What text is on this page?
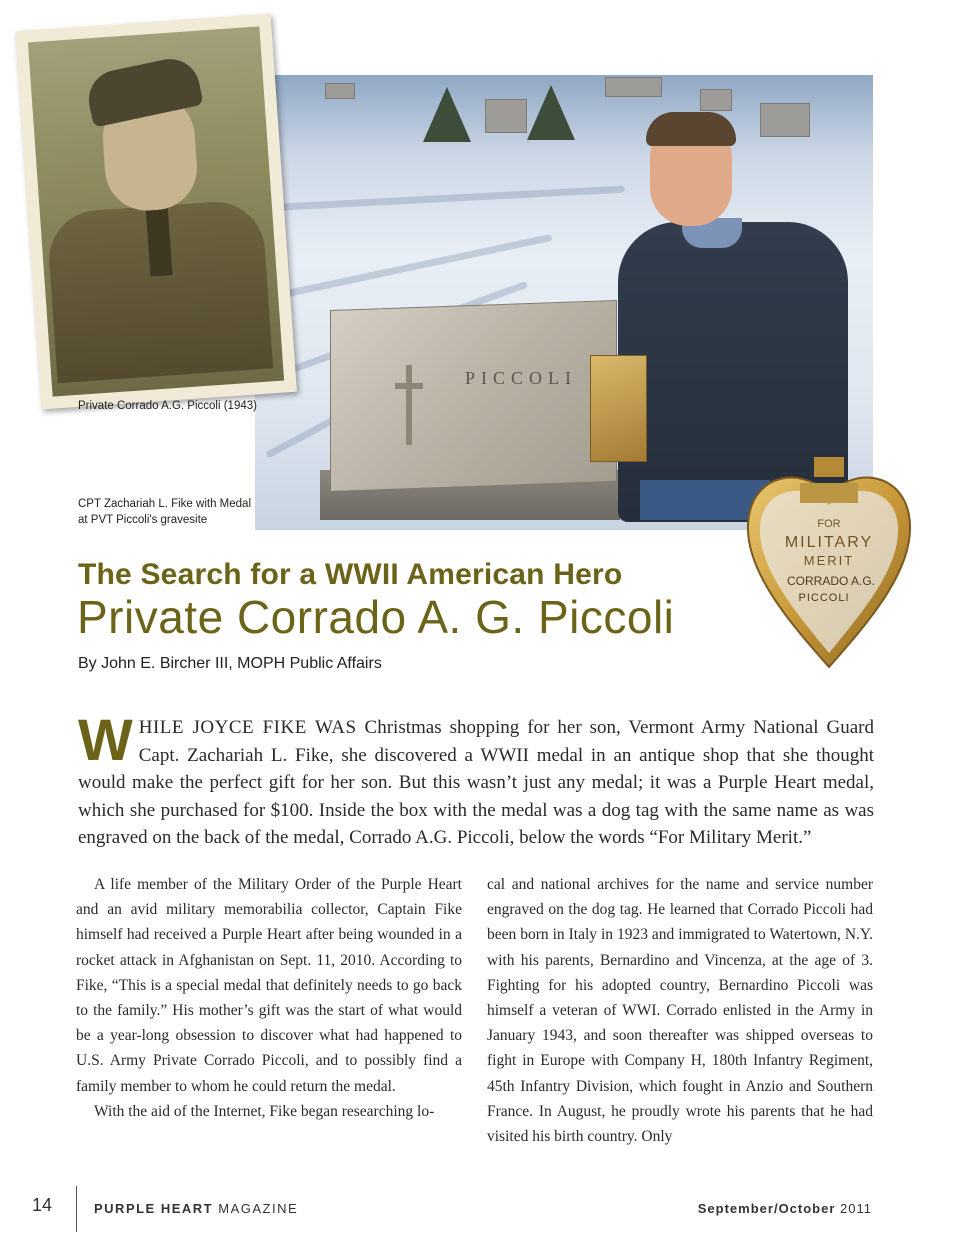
PICCOLI
Private Corrado A.G. Piccoli (1943)
CPT Zachariah L. Fike with Medal at PVT Piccoli's gravesite	FOR
MILITARY
MERIT
CORRADO A.G.
PICCOLI
The Search for a WWII American Hero
Private Corrado A. G. Piccoli
By John E. Bircher III, MOPH Public Affairs
WHILE JOYCE FIKE WAS Christmas shopping for her son, Vermont Army National Guard Capt. Zachariah L. Fike, she discovered a WWII medal in an antique shop that she thought would make the perfect gift for her son. But this wasn’t just any medal; it was a Purple Heart medal, which she purchased for $100. Inside the box with the medal was a dog tag with the same name as was engraved on the back of the medal, Corrado A.G. Piccoli, below the words “For Military Merit.”

A life member of the Military Order of the Purple Heart and an avid military memorabilia collector, Captain Fike himself had received a Purple Heart after being wounded in a rocket attack in Afghanistan on Sept. 11, 2010. According to Fike, “This is a special medal that definitely needs to go back to the family.” His mother’s gift was the start of what would be a year-long obsession to discover what had happened to U.S. Army Private Corrado Piccoli, and to possibly find a family member to whom he could return the medal.

With the aid of the Internet, Fike began researching lo-

cal and national archives for the name and service number engraved on the dog tag. He learned that Corrado Piccoli had been born in Italy in 1923 and immigrated to Watertown, N.Y. with his parents, Bernardino and Vincenza, at the age of 3. Fighting for his adopted country, Bernardino Piccoli was himself a veteran of WWI. Corrado enlisted in the Army in January 1943, and soon thereafter was shipped overseas to fight in Europe with Company H, 180th Infantry Regiment, 45th Infantry Division, which fought in Anzio and Southern France. In August, he proudly wrote his parents that he had visited his birth country. Only

14	PURPLE HEART MAGAZINE	September/October 2011
